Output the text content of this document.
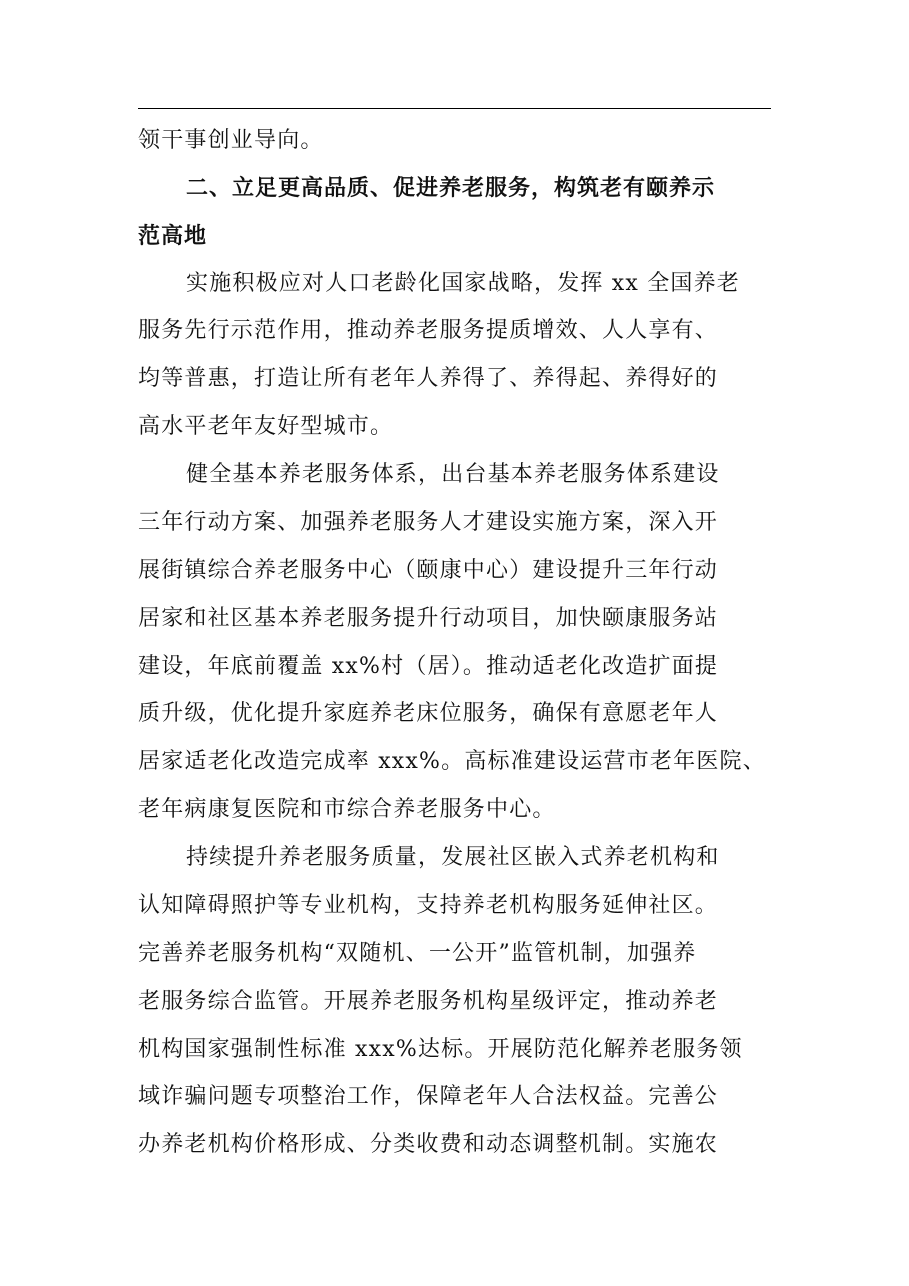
领干事创业导向。
二、立足更高品质、促进养老服务，构筑老有颐养示
范高地
实施积极应对人口老龄化国家战略，发挥 xx 全国养老
服务先行示范作用，推动养老服务提质增效、人人享有、
均等普惠，打造让所有老年人养得了、养得起、养得好的
高水平老年友好型城市。
健全基本养老服务体系，出台基本养老服务体系建设
三年行动方案、加强养老服务人才建设实施方案，深入开
展街镇综合养老服务中心（颐康中心）建设提升三年行动
居家和社区基本养老服务提升行动项目，加快颐康服务站
建设，年底前覆盖 xx%村（居）。推动适老化改造扩面提
质升级，优化提升家庭养老床位服务，确保有意愿老年人
居家适老化改造完成率 xxx%。高标准建设运营市老年医院、
老年病康复医院和市综合养老服务中心。
持续提升养老服务质量，发展社区嵌入式养老机构和
认知障碍照护等专业机构，支持养老机构服务延伸社区。
完善养老服务机构“双随机、一公开”监管机制，加强养
老服务综合监管。开展养老服务机构星级评定，推动养老
机构国家强制性标准 xxx%达标。开展防范化解养老服务领
域诈骗问题专项整治工作，保障老年人合法权益。完善公
办养老机构价格形成、分类收费和动态调整机制。实施农
